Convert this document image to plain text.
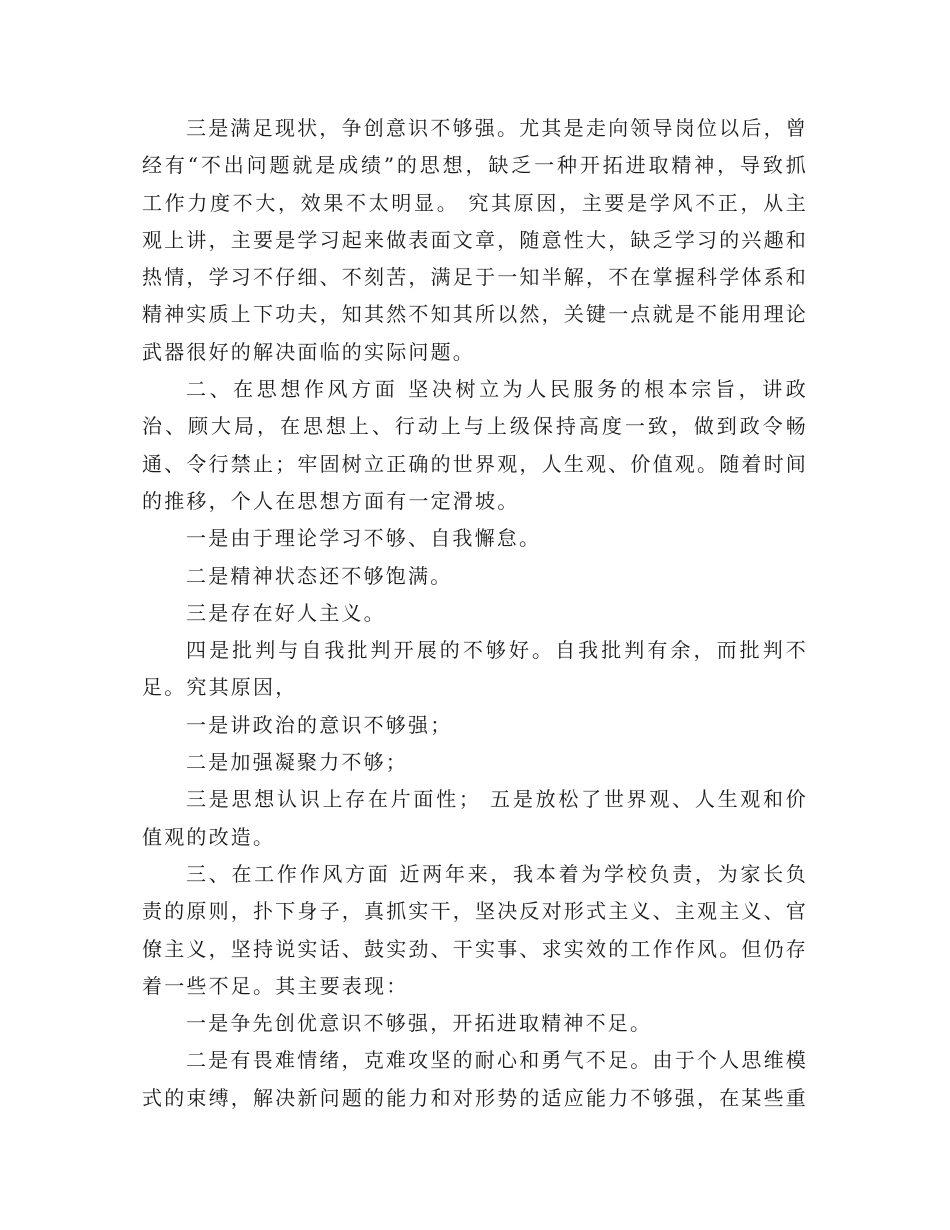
三是满足现状，争创意识不够强。尤其是走向领导岗位以后，曾经有“不出问题就是成绩”的思想，缺乏一种开拓进取精神，导致抓工作力度不大，效果不太明显。 究其原因，主要是学风不正，从主观上讲，主要是学习起来做表面文章，随意性大，缺乏学习的兴趣和热情，学习不仔细、不刻苦，满足于一知半解，不在掌握科学体系和精神实质上下功夫，知其然不知其所以然，关键一点就是不能用理论武器很好的解决面临的实际问题。

二、在思想作风方面 坚决树立为人民服务的根本宗旨，讲政治、顾大局，在思想上、行动上与上级保持高度一致，做到政令畅通、令行禁止；牢固树立正确的世界观，人生观、价值观。随着时间的推移，个人在思想方面有一定滑坡。

一是由于理论学习不够、自我懈怠。

二是精神状态还不够饱满。

三是存在好人主义。

四是批判与自我批判开展的不够好。自我批判有余，而批判不足。究其原因，

一是讲政治的意识不够强；

二是加强凝聚力不够；

三是思想认识上存在片面性； 五是放松了世界观、人生观和价值观的改造。

三、在工作作风方面 近两年来，我本着为学校负责，为家长负责的原则，扑下身子，真抓实干，坚决反对形式主义、主观主义、官僚主义，坚持说实话、鼓实劲、干实事、求实效的工作作风。但仍存着一些不足。其主要表现：

一是争先创优意识不够强，开拓进取精神不足。

二是有畏难情绪，克难攻坚的耐心和勇气不足。由于个人思维模式的束缚，解决新问题的能力和对形势的适应能力不够强，在某些重
